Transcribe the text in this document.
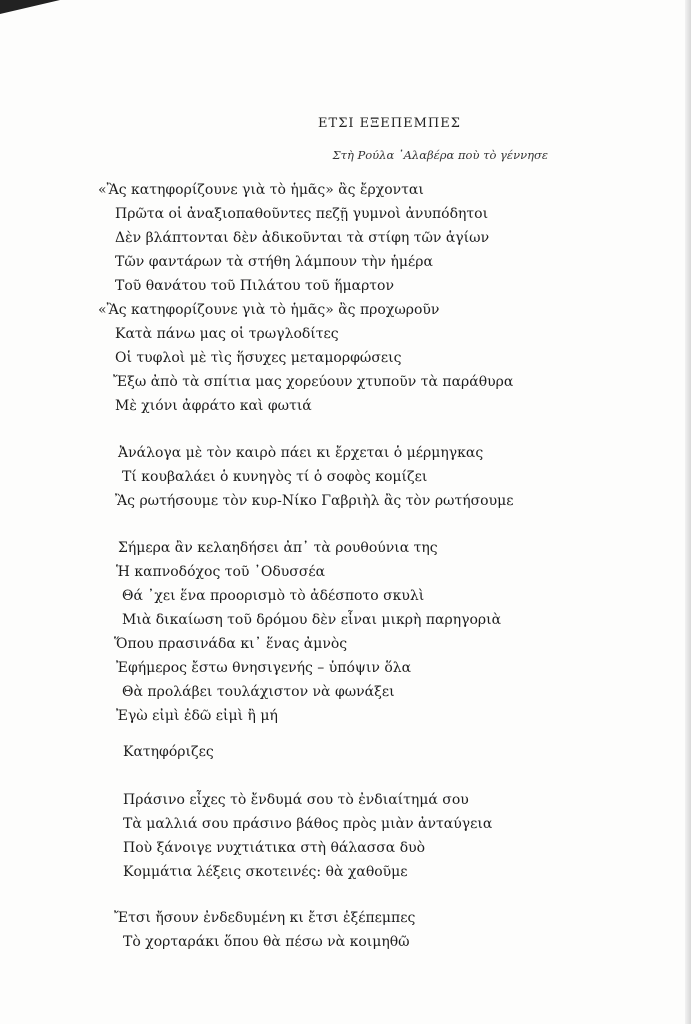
ΕΤΣΙ ΕΞΕΠΕΜΠΕΣ
Στὴ Ρούλα ᾿Αλαβέρα ποὺ τὸ γέννησε
«Ἂς κατηφορίζουνε γιὰ τὸ ἡμᾶς» ἂς ἔρχονται
Πρῶτα οἱ ἀναξιοπαθοῦντες πεζῇ γυμνοὶ ἀνυπόδητοι
Δὲν βλάπτονται δὲν ἀδικοῦνται τὰ στίφη τῶν ἁγίων
Τῶν φαντάρων τὰ στήθη λάμπουν τὴν ἡμέρα
Τοῦ θανάτου τοῦ Πιλάτου τοῦ ἥμαρτον
«Ἂς κατηφορίζουνε γιὰ τὸ ἡμᾶς» ἂς προχωροῦν
Κατὰ πάνω μας οἱ τρωγλοδίτες
Οἱ τυφλοὶ μὲ τὶς ἥσυχες μεταμορφώσεις
Ἔξω ἀπὸ τὰ σπίτια μας χορεύουν χτυποῦν τὰ παράθυρα
Μὲ χιόνι ἀφράτο καὶ φωτιά
Ἀνάλογα μὲ τὸν καιρὸ πάει κι ἔρχεται ὁ μέρμηγκας
Τί κουβαλάει ὁ κυνηγὸς τί ὁ σοφὸς κομίζει
Ἂς ρωτήσουμε τὸν κυρ-Νίκο Γαβριὴλ ἂς τὸν ρωτήσουμε
Σήμερα ἂν κελαηδήσει ἀπ᾿ τὰ ρουθούνια της
Ἡ καπνοδόχος τοῦ ᾿Οδυσσέα
Θά ᾿χει ἕνα προορισμὸ τὸ ἀδέσποτο σκυλὶ
Μιὰ δικαίωση τοῦ δρόμου δὲν εἶναι μικρὴ παρηγοριὰ
Ὅπου πρασινάδα κι᾿ ἕνας ἀμνὸς
Ἐφήμερος ἔστω θνησιγενής – ὑπόψιν ὅλα
Θὰ προλάβει τουλάχιστον νὰ φωνάξει
Ἐγὼ εἰμὶ ἐδῶ εἰμὶ ἢ μή
Κατηφόριζες
Πράσινο εἶχες τὸ ἔνδυμά σου τὸ ἐνδιαίτημά σου
Τὰ μαλλιά σου πράσινο βάθος πρὸς μιὰν ἀνταύγεια
Ποὺ ξάνοιγε νυχτιάτικα στὴ θάλασσα δυὸ
Κομμάτια λέξεις σκοτεινές: θὰ χαθοῦμε
Ἔτσι ἤσουν ἐνδεδυμένη κι ἔτσι ἐξέπεμπες
Τὸ χορταράκι ὅπου θὰ πέσω νὰ κοιμηθῶ
